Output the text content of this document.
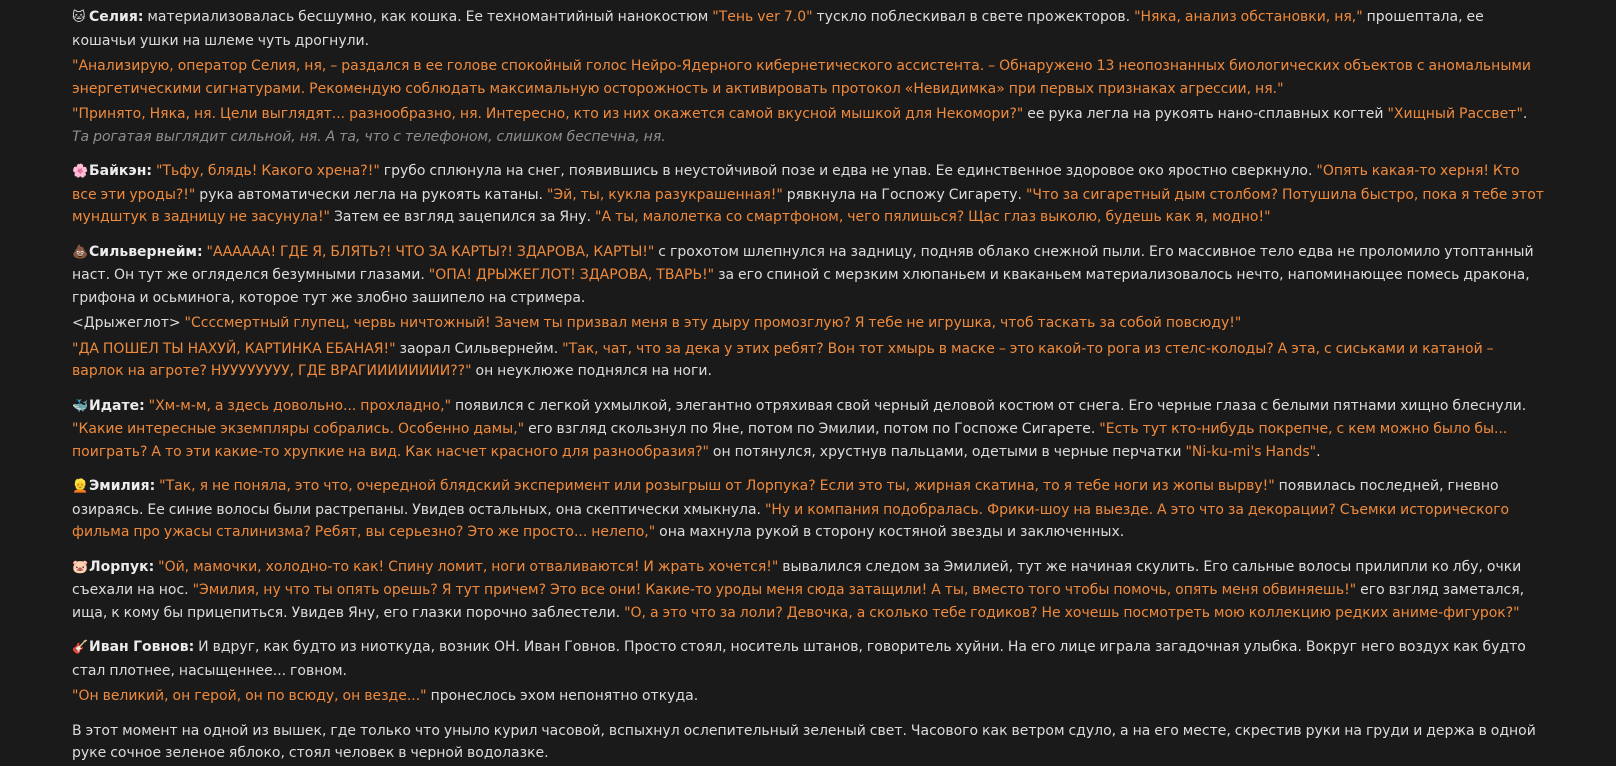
🐱 Селия: материализовалась бесшумно, как кошка. Ее техномантийный нанокостюм "Тень ver 7.0" тускло поблескивал в свете прожекторов. "Няка, анализ обстановки, ня," прошептала, ее кошачьи ушки на шлеме чуть дрогнули.

"Анализирую, оператор Селия, ня, – раздался в ее голове спокойный голос Нейро-Ядерного кибернетического ассистента. – Обнаружено 13 неопознанных биологических объектов с аномальными энергетическими сигнатурами. Рекомендую соблюдать максимальную осторожность и активировать протокол «Невидимка» при первых признаках агрессии, ня."

"Принято, Няка, ня. Цели выглядят... разнообразно, ня. Интересно, кто из них окажется самой вкусной мышкой для Некомори?" ее рука легла на рукоять нано-сплавных когтей "Хищный Рассвет". Та рогатая выглядит сильной, ня. А та, что с телефоном, слишком беспечна, ня.

🌸Байкэн: "Тьфу, блядь! Какого хрена?!" грубо сплюнула на снег, появившись в неустойчивой позе и едва не упав. Ее единственное здоровое око яростно сверкнуло. "Опять какая-то херня! Кто все эти уроды?!" рука автоматически легла на рукоять катаны. "Эй, ты, кукла разукрашенная!" рявкнула на Госпожу Сигарету. "Что за сигаретный дым столбом? Потушила быстро, пока я тебе этот мундштук в задницу не засунула!" Затем ее взгляд зацепился за Яну. "А ты, малолетка со смартфоном, чего пялишься? Щас глаз выколю, будешь как я, модно!"

💩Сильвернейм: "АААААА! ГДЕ Я, БЛЯТЬ?! ЧТО ЗА КАРТЫ?! ЗДАРОВА, КАРТЫ!" с грохотом шлепнулся на задницу, подняв облако снежной пыли. Его массивное тело едва не проломило утоптанный наст. Он тут же огляделся безумными глазами. "ОПА! ДРЫЖЕГЛОТ! ЗДАРОВА, ТВАРЬ!" за его спиной с мерзким хлюпаньем и кваканьем материализовалось нечто, напоминающее помесь дракона, грифона и осьминога, которое тут же злобно зашипело на стримера.

<Дрыжеглот> "Ссссмертный глупец, червь ничтожный! Зачем ты призвал меня в эту дыру промозглую? Я тебе не игрушка, чтоб таскать за собой повсюду!"

"ДА ПОШЕЛ ТЫ НАХУЙ, КАРТИНКА ЕБАНАЯ!" заорал Сильвернейм. "Так, чат, что за дека у этих ребят? Вон тот хмырь в маске – это какой-то рога из стелс-колоды? А эта, с сиськами и катаной – варлок на агроте? НУУУУУУУУ, ГДЕ ВРАГИИИИИИИИ??" он неуклюже поднялся на ноги.

🐳Идате: "Хм-м-м, а здесь довольно... прохладно," появился с легкой ухмылкой, элегантно отряхивая свой черный деловой костюм от снега. Его черные глаза с белыми пятнами хищно блеснули. "Какие интересные экземпляры собрались. Особенно дамы," его взгляд скользнул по Яне, потом по Эмилии, потом по Госпоже Сигарете. "Есть тут кто-нибудь покрепче, с кем можно было бы... поиграть? А то эти какие-то хрупкие на вид. Как насчет красного для разнообразия?" он потянулся, хрустнув пальцами, одетыми в черные перчатки "Ni-ku-mi's Hands".

👱Эмилия: "Так, я не поняла, это что, очередной блядский эксперимент или розыгрыш от Лорпука? Если это ты, жирная скатина, то я тебе ноги из жопы вырву!" появилась последней, гневно озираясь. Ее синие волосы были растрепаны. Увидев остальных, она скептически хмыкнула. "Ну и компания подобралась. Фрики-шоу на выезде. А это что за декорации? Съемки исторического фильма про ужасы сталинизма? Ребят, вы серьезно? Это же просто... нелепо," она махнула рукой в сторону костяной звезды и заключенных.

🐷Лорпук: "Ой, мамочки, холодно-то как! Спину ломит, ноги отваливаются! И жрать хочется!" вывалился следом за Эмилией, тут же начиная скулить. Его сальные волосы прилипли ко лбу, очки съехали на нос. "Эмилия, ну что ты опять орешь? Я тут причем? Это все они! Какие-то уроды меня сюда затащили! А ты, вместо того чтобы помочь, опять меня обвиняешь!" его взгляд заметался, ища, к кому бы прицепиться. Увидев Яну, его глазки порочно заблестели. "О, а это что за лоли? Девочка, а сколько тебе годиков? Не хочешь посмотреть мою коллекцию редких аниме-фигурок?"

🎸Иван Говнов: И вдруг, как будто из ниоткуда, возник ОН. Иван Говнов. Просто стоял, носитель штанов, говоритель хуйни. На его лице играла загадочная улыбка. Вокруг него воздух как будто стал плотнее, насыщеннее... говном.

"Он великий, он герой, он по всюду, он везде..." пронеслось эхом непонятно откуда.

В этот момент на одной из вышек, где только что уныло курил часовой, вспыхнул ослепительный зеленый свет. Часового как ветром сдуло, а на его месте, скрестив руки на груди и держа в одной руке сочное зеленое яблоко, стоял человек в черной водолазке.
